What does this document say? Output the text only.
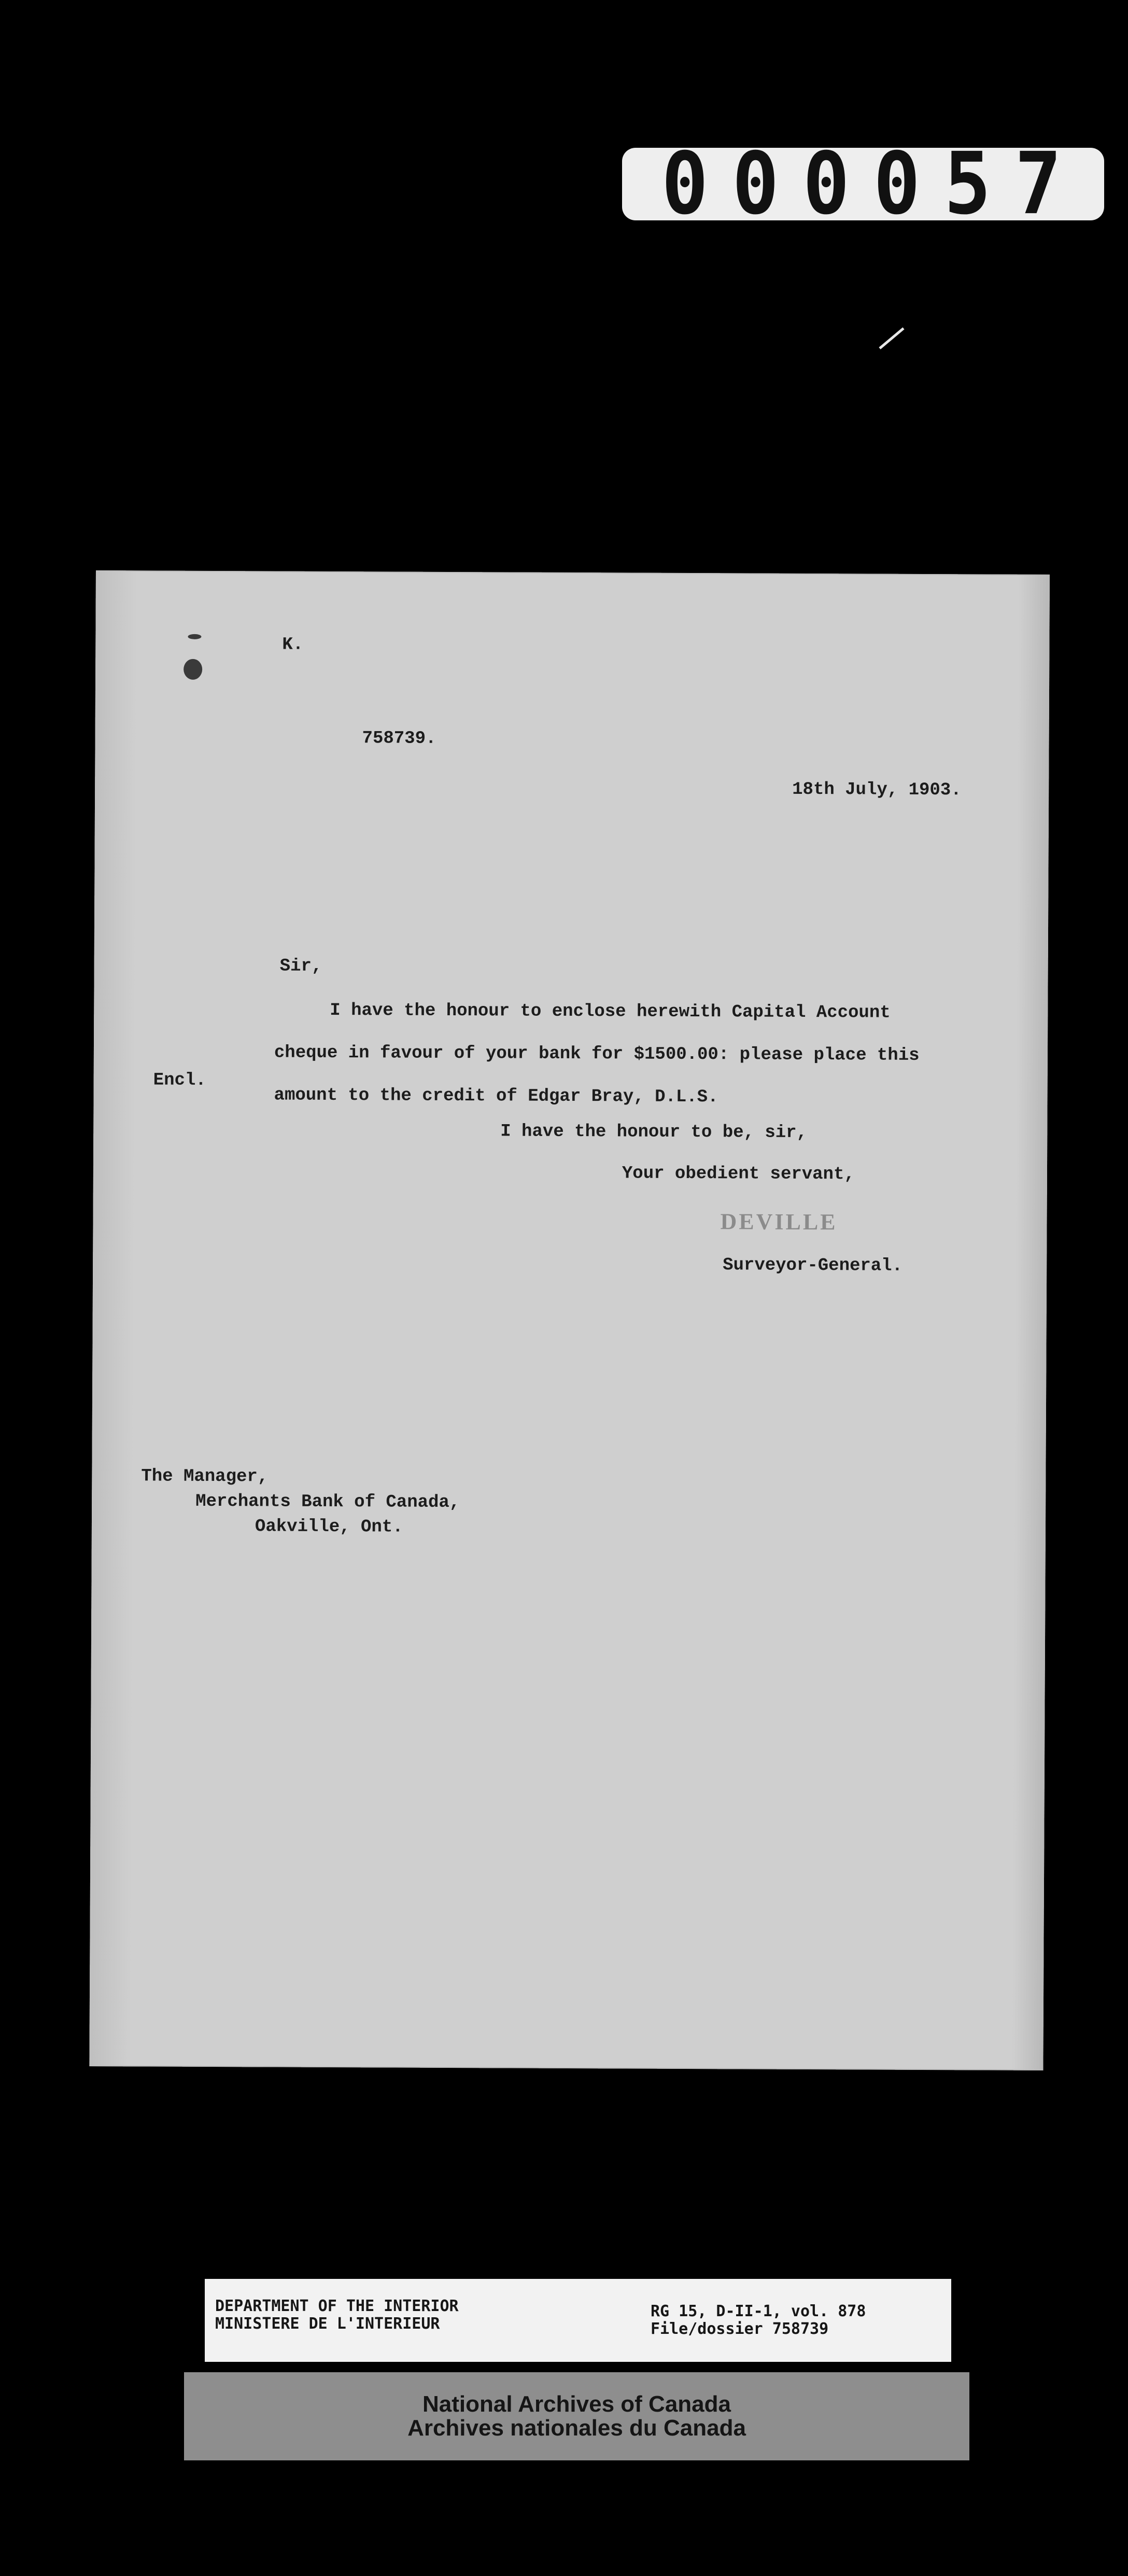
000057
K.
758739.
18th July, 1903.
Sir,
I have the honour to enclose herewith Capital Account
cheque in favour of your bank for $1500.00: please place this
amount to the credit of Edgar Bray, D.L.S.
Encl.
I have the honour to be, sir,
Your obedient servant,
DEVILLE
Surveyor-General.
The Manager,
Merchants Bank of Canada,
Oakville, Ont.
DEPARTMENT OF THE INTERIOR
MINISTERE DE L'INTERIEUR
RG 15, D-II-1, vol. 878
File/dossier 758739
National Archives of Canada
Archives nationales du Canada
